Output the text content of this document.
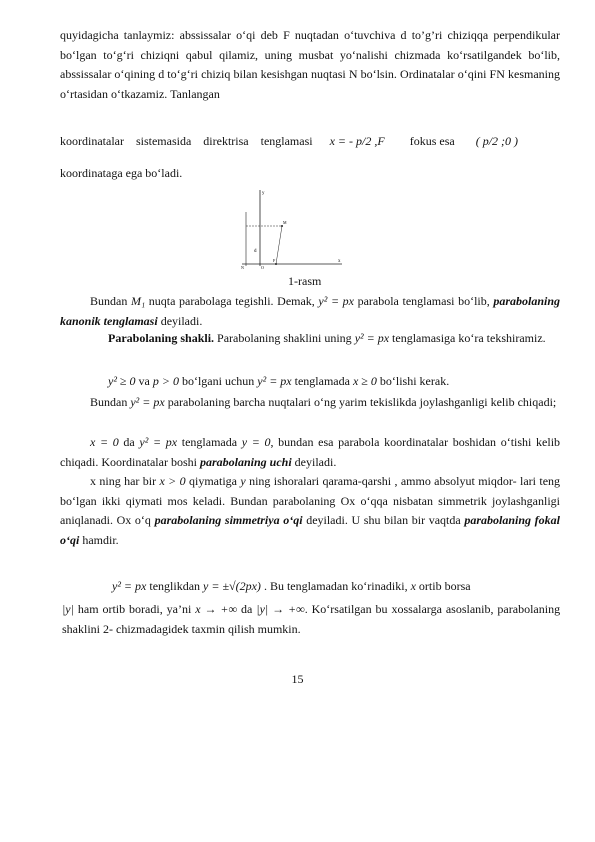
quyidagicha tanlaymiz: abssissalar o‘qi deb F nuqtadan o‘tuvchiva d to’g’ri chiziqqa perpendikular bo‘lgan to‘g‘ri chiziqni qabul qilamiz, uning musbat yo‘nalishi chizmada ko‘rsatilgandek bo‘lib, abssissalar o‘qining d to‘g‘ri chiziq bilan kesishgan nuqtasi N bo‘lsin. Ordinatalar o‘qini FN kesmaning o‘rtasidan o‘tkazamiz. Tanlangan

koordinatalar sistemasida direktrisa tenglamasi x = - p/2 ,F fokus esa ( p/2 ;0 )
koordinataga ega bo‘ladi.
y
x
M
d
N	O
F
1-rasm

Bundan M₁ nuqta parabolaga tegishli. Demak, y² = px parabola tenglamasi bo‘lib, parabolaning kanonik tenglamasi deyiladi.

Parabolaning shakli. Parabolaning shaklini uning y² = px tenglamasiga ko‘ra tekshiramiz.

y² ≥ 0 va p > 0 bo‘lgani uchun y² = px tenglamada x ≥ 0 bo‘lishi kerak.

Bundan y² = px parabolaning barcha nuqtalari o‘ng yarim tekislikda joylashganligi kelib chiqadi;

x = 0 da y² = px tenglamada y = 0, bundan esa parabola koordinatalar boshidan o‘tishi kelib chiqadi. Koordinatalar boshi parabolaning uchi deyiladi.

x ning har bir x > 0 qiymatiga y ning ishoralari qarama-qarshi , ammo absolyut miqdor- lari teng bo‘lgan ikki qiymati mos keladi. Bundan parabolaning Ox o‘qqa nisbatan simmetrik joylashganligi aniqlanadi. Ox o‘q parabolaning simmetriya o‘qi deyiladi. U shu bilan bir vaqtda parabolaning fokal o‘qi hamdir.

y² = px tenglikdan y = ±√(2px) . Bu tenglamadan ko‘rinadiki, x ortib borsa

|y| ham ortib boradi, ya’ni x → +∞ da |y| → +∞. Ko‘rsatilgan bu xossalarga asoslanib, parabolaning shaklini 2- chizmadagidek taxmin qilish mumkin.

15
